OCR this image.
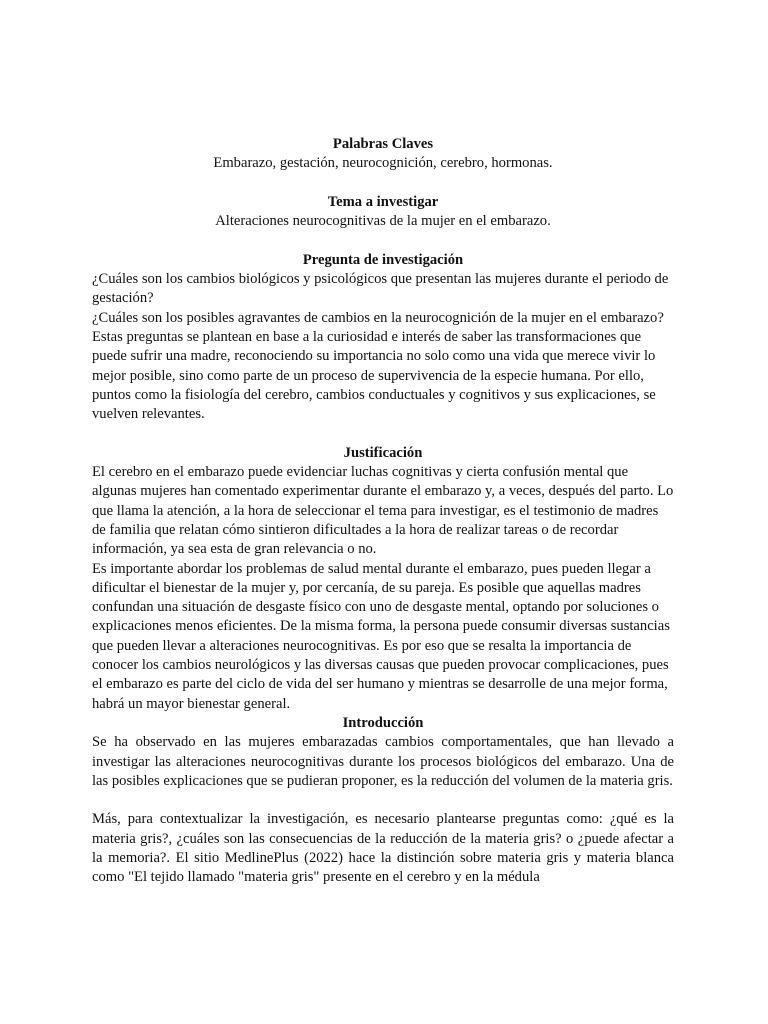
Palabras Claves

Embarazo, gestación, neurocognición, cerebro, hormonas.

Tema a investigar

Alteraciones neurocognitivas de la mujer en el embarazo.

Pregunta de investigación

¿Cuáles son los cambios biológicos y psicológicos que presentan las mujeres durante el periodo de gestación?

¿Cuáles son los posibles agravantes de cambios en la neurocognición de la mujer en el embarazo?

Estas preguntas se plantean en base a la curiosidad e interés de saber las transformaciones que puede sufrir una madre, reconociendo su importancia no solo como una vida que merece vivir lo mejor posible, sino como parte de un proceso de supervivencia de la especie humana. Por ello, puntos como la fisiología del cerebro, cambios conductuales y cognitivos y sus explicaciones, se vuelven relevantes.

Justificación

El cerebro en el embarazo puede evidenciar luchas cognitivas y cierta confusión mental que algunas mujeres han comentado experimentar durante el embarazo y, a veces, después del parto. Lo que llama la atención, a la hora de seleccionar el tema para investigar, es el testimonio de madres de familia que relatan cómo sintieron dificultades a la hora de realizar tareas o de recordar información, ya sea esta de gran relevancia o no.

Es importante abordar los problemas de salud mental durante el embarazo, pues pueden llegar a dificultar el bienestar de la mujer y, por cercanía, de su pareja. Es posible que aquellas madres confundan una situación de desgaste físico con uno de desgaste mental, optando por soluciones o explicaciones menos eficientes. De la misma forma, la persona puede consumir diversas sustancias que pueden llevar a alteraciones neurocognitivas. Es por eso que se resalta la importancia de conocer los cambios neurológicos y las diversas causas que pueden provocar complicaciones, pues el embarazo es parte del ciclo de vida del ser humano y mientras se desarrolle de una mejor forma, habrá un mayor bienestar general.

Introducción

Se ha observado en las mujeres embarazadas cambios comportamentales, que han llevado a investigar las alteraciones neurocognitivas durante los procesos biológicos del embarazo. Una de las posibles explicaciones que se pudieran proponer, es la reducción del volumen de la materia gris.

Más, para contextualizar la investigación, es necesario plantearse preguntas como: ¿qué es la materia gris?, ¿cuáles son las consecuencias de la reducción de la materia gris? o ¿puede afectar a la memoria?. El sitio MedlinePlus (2022) hace la distinción sobre materia gris y materia blanca como "El tejido llamado "materia gris" presente en el cerebro y en la médula
